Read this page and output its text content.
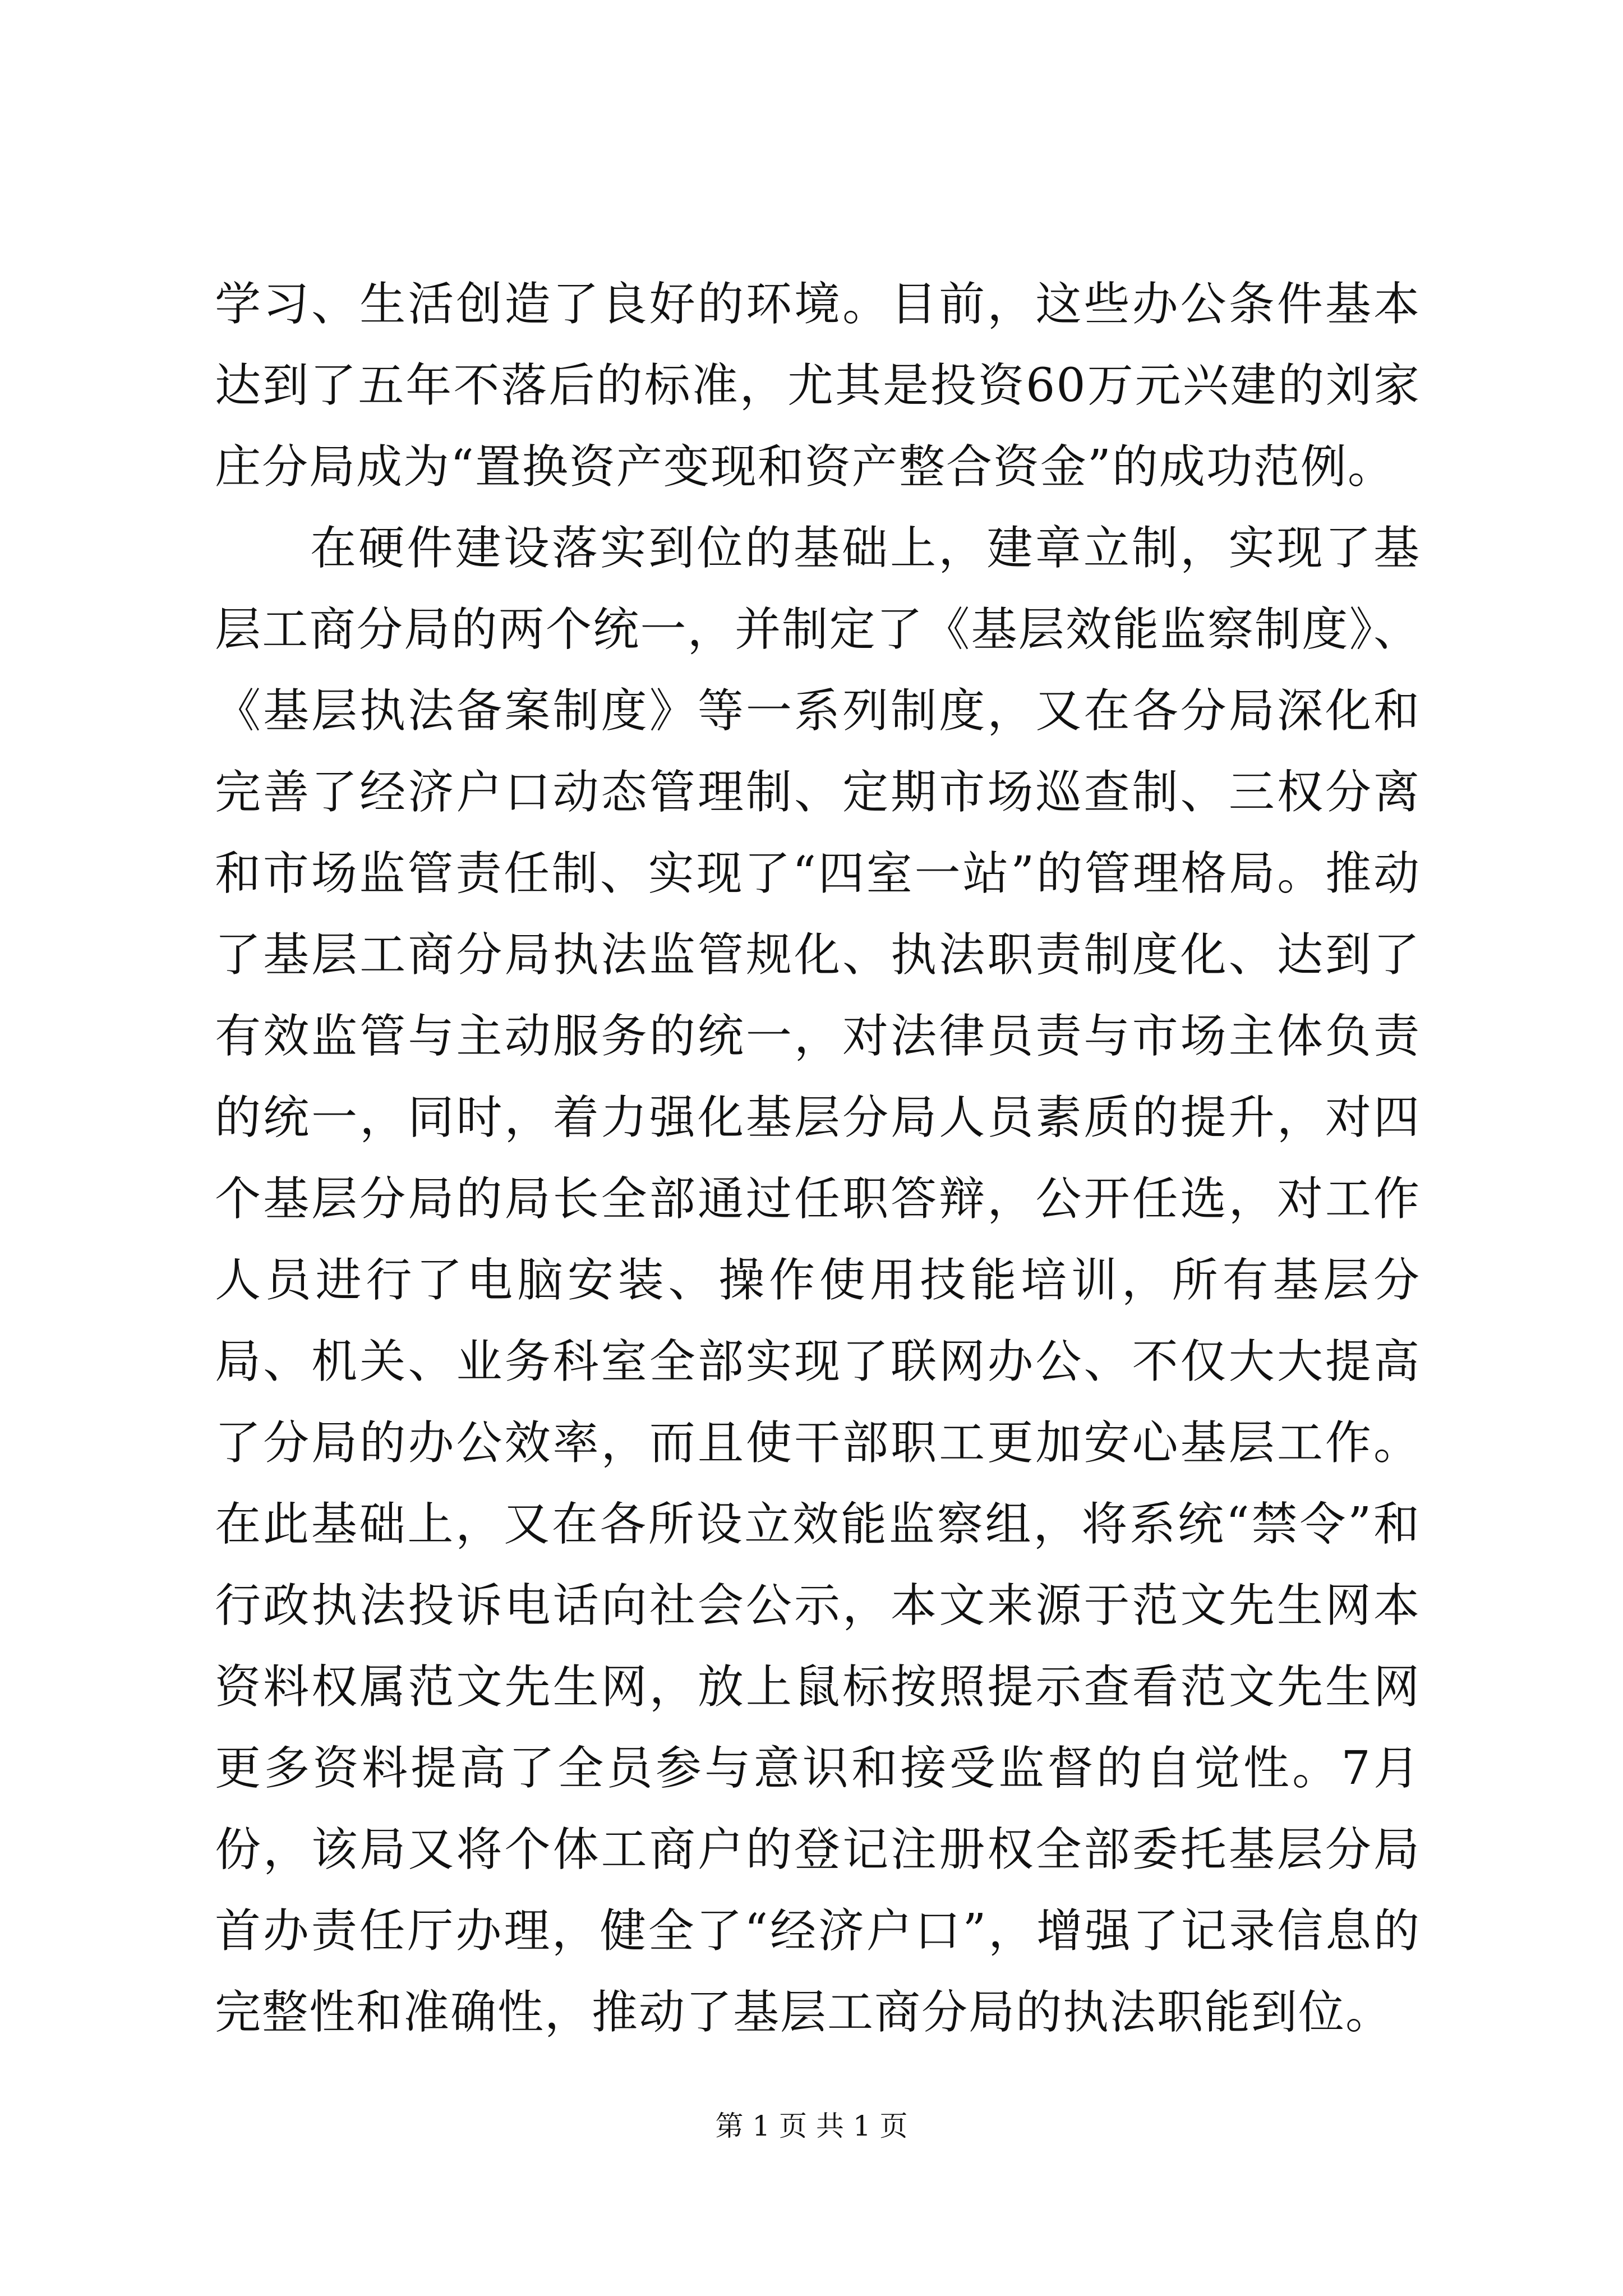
学习、生活创造了良好的环境。目前，这些办公条件基本达到了五年不落后的标准，尤其是投资60万元兴建的刘家庄分局成为“置换资产变现和资产整合资金”的成功范例。

在硬件建设落实到位的基础上，建章立制，实现了基层工商分局的两个统一，并制定了《基层效能监察制度》、《基层执法备案制度》等一系列制度，又在各分局深化和完善了经济户口动态管理制、定期市场巡查制、三权分离和市场监管责任制、实现了“四室一站”的管理格局。推动了基层工商分局执法监管规化、执法职责制度化、达到了有效监管与主动服务的统一，对法律员责与市场主体负责的统一，同时，着力强化基层分局人员素质的提升，对四个基层分局的局长全部通过任职答辩，公开任选，对工作人员进行了电脑安装、操作使用技能培训，所有基层分局、机关、业务科室全部实现了联网办公、不仅大大提高了分局的办公效率，而且使干部职工更加安心基层工作。在此基础上，又在各所设立效能监察组，将系统“禁令”和行政执法投诉电话向社会公示，本文来源于范文先生网本资料权属范文先生网，放上鼠标按照提示查看范文先生网更多资料提高了全员参与意识和接受监督的自觉性。7月份，该局又将个体工商户的登记注册权全部委托基层分局首办责任厅办理，健全了“经济户口”，增强了记录信息的完整性和准确性，推动了基层工商分局的执法职能到位。

第 1 页 共 1 页
